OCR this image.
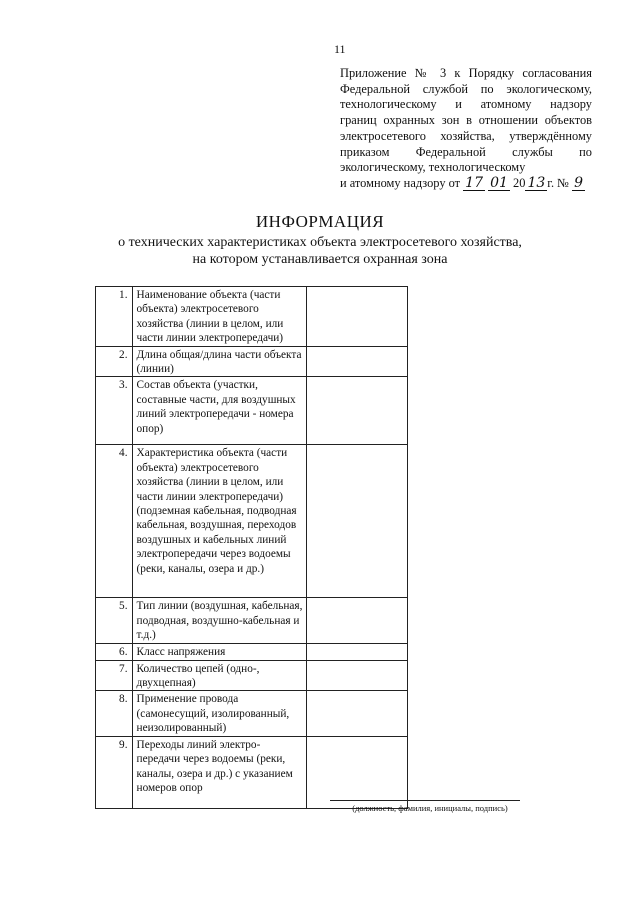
11
Приложение № 3 к Порядку согласования
Федеральной службой по экологическому,
технологическому и атомному надзору
границ охранных зон в отношении объектов
электросетевого хозяйства, утверждённому
приказом Федеральной службы по
экологическому, технологическому
и атомному надзору от 17 01 20 13 г. № 9
ИНФОРМАЦИЯ
о технических характеристиках объекта электросетевого хозяйства,
на котором устанавливается охранная зона
1.	Наименование объекта (части объекта) электросетевого хозяйства (линии в целом, или части линии электропередачи)	
2.	Длина общая/длина части объекта (линии)	
3.	Состав объекта (участки, составные части, для воздушных линий электропередачи - номера опор)	
4.	Характеристика объекта (части объекта) электросетевого хозяйства (линии в целом, или части линии электропередачи) (подземная кабельная, подводная кабельная, воздушная, переходов воздушных и кабельных линий электропередачи через водоемы (реки, каналы, озера и др.)	
5.	Тип линии (воздушная, кабельная, подводная, воздушно-кабельная и т.д.)	
6.	Класс напряжения	
7.	Количество цепей (одно-, двухцепная)	
8.	Применение провода (самонесущий, изолированный, неизолированный)	
9.	Переходы линий электро-передачи через водоемы (реки, каналы, озера и др.) с указанием номеров опор	
(должность, фамилия, инициалы, подпись)
